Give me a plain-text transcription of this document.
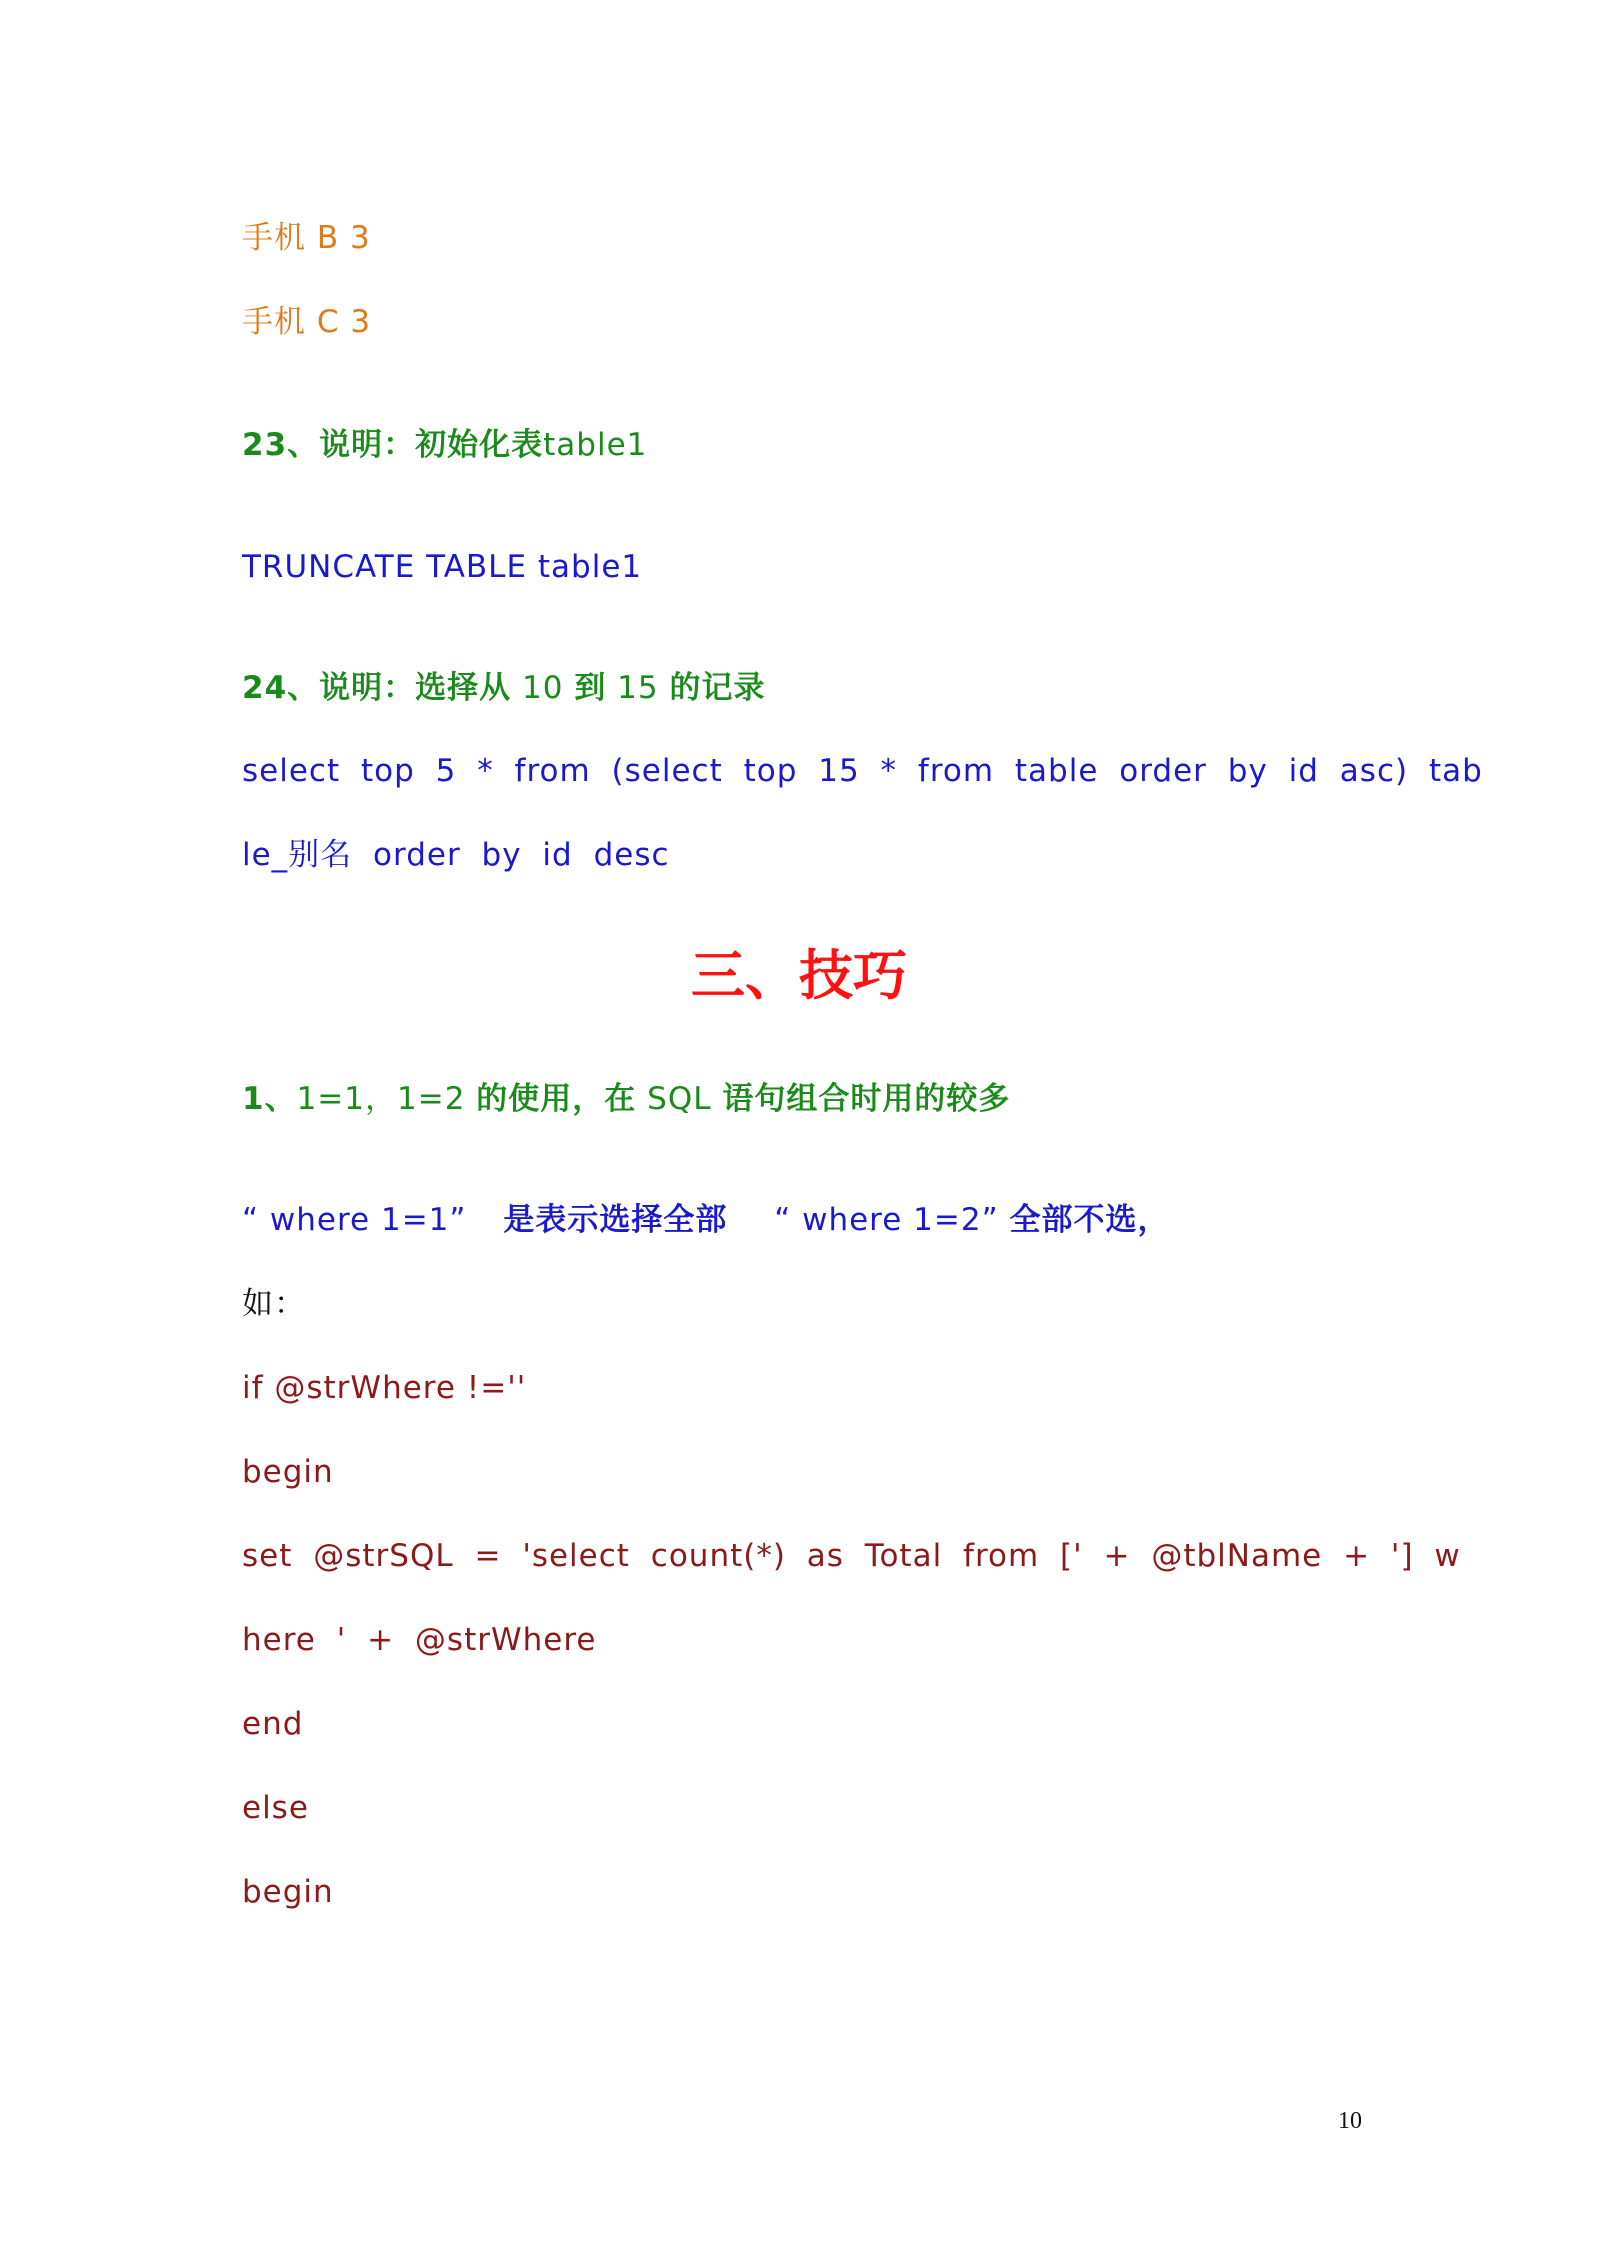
手机 B 3
手机 C 3
23、说明：初始化表table1
TRUNCATE TABLE table1
24、说明：选择从 10 到 15 的记录
select top 5 * from (select top 15 * from table order by id asc) tab
le_别名 order by id desc
三、技巧
1、1=1，1=2 的使用，在 SQL 语句组合时用的较多
“ where 1=1” 是表示选择全部 “ where 1=2” 全部不选，
如：
if @strWhere !=''
begin
set @strSQL = 'select count(*) as Total from [' + @tblName + '] w
here ' + @strWhere
end
else
begin
10
